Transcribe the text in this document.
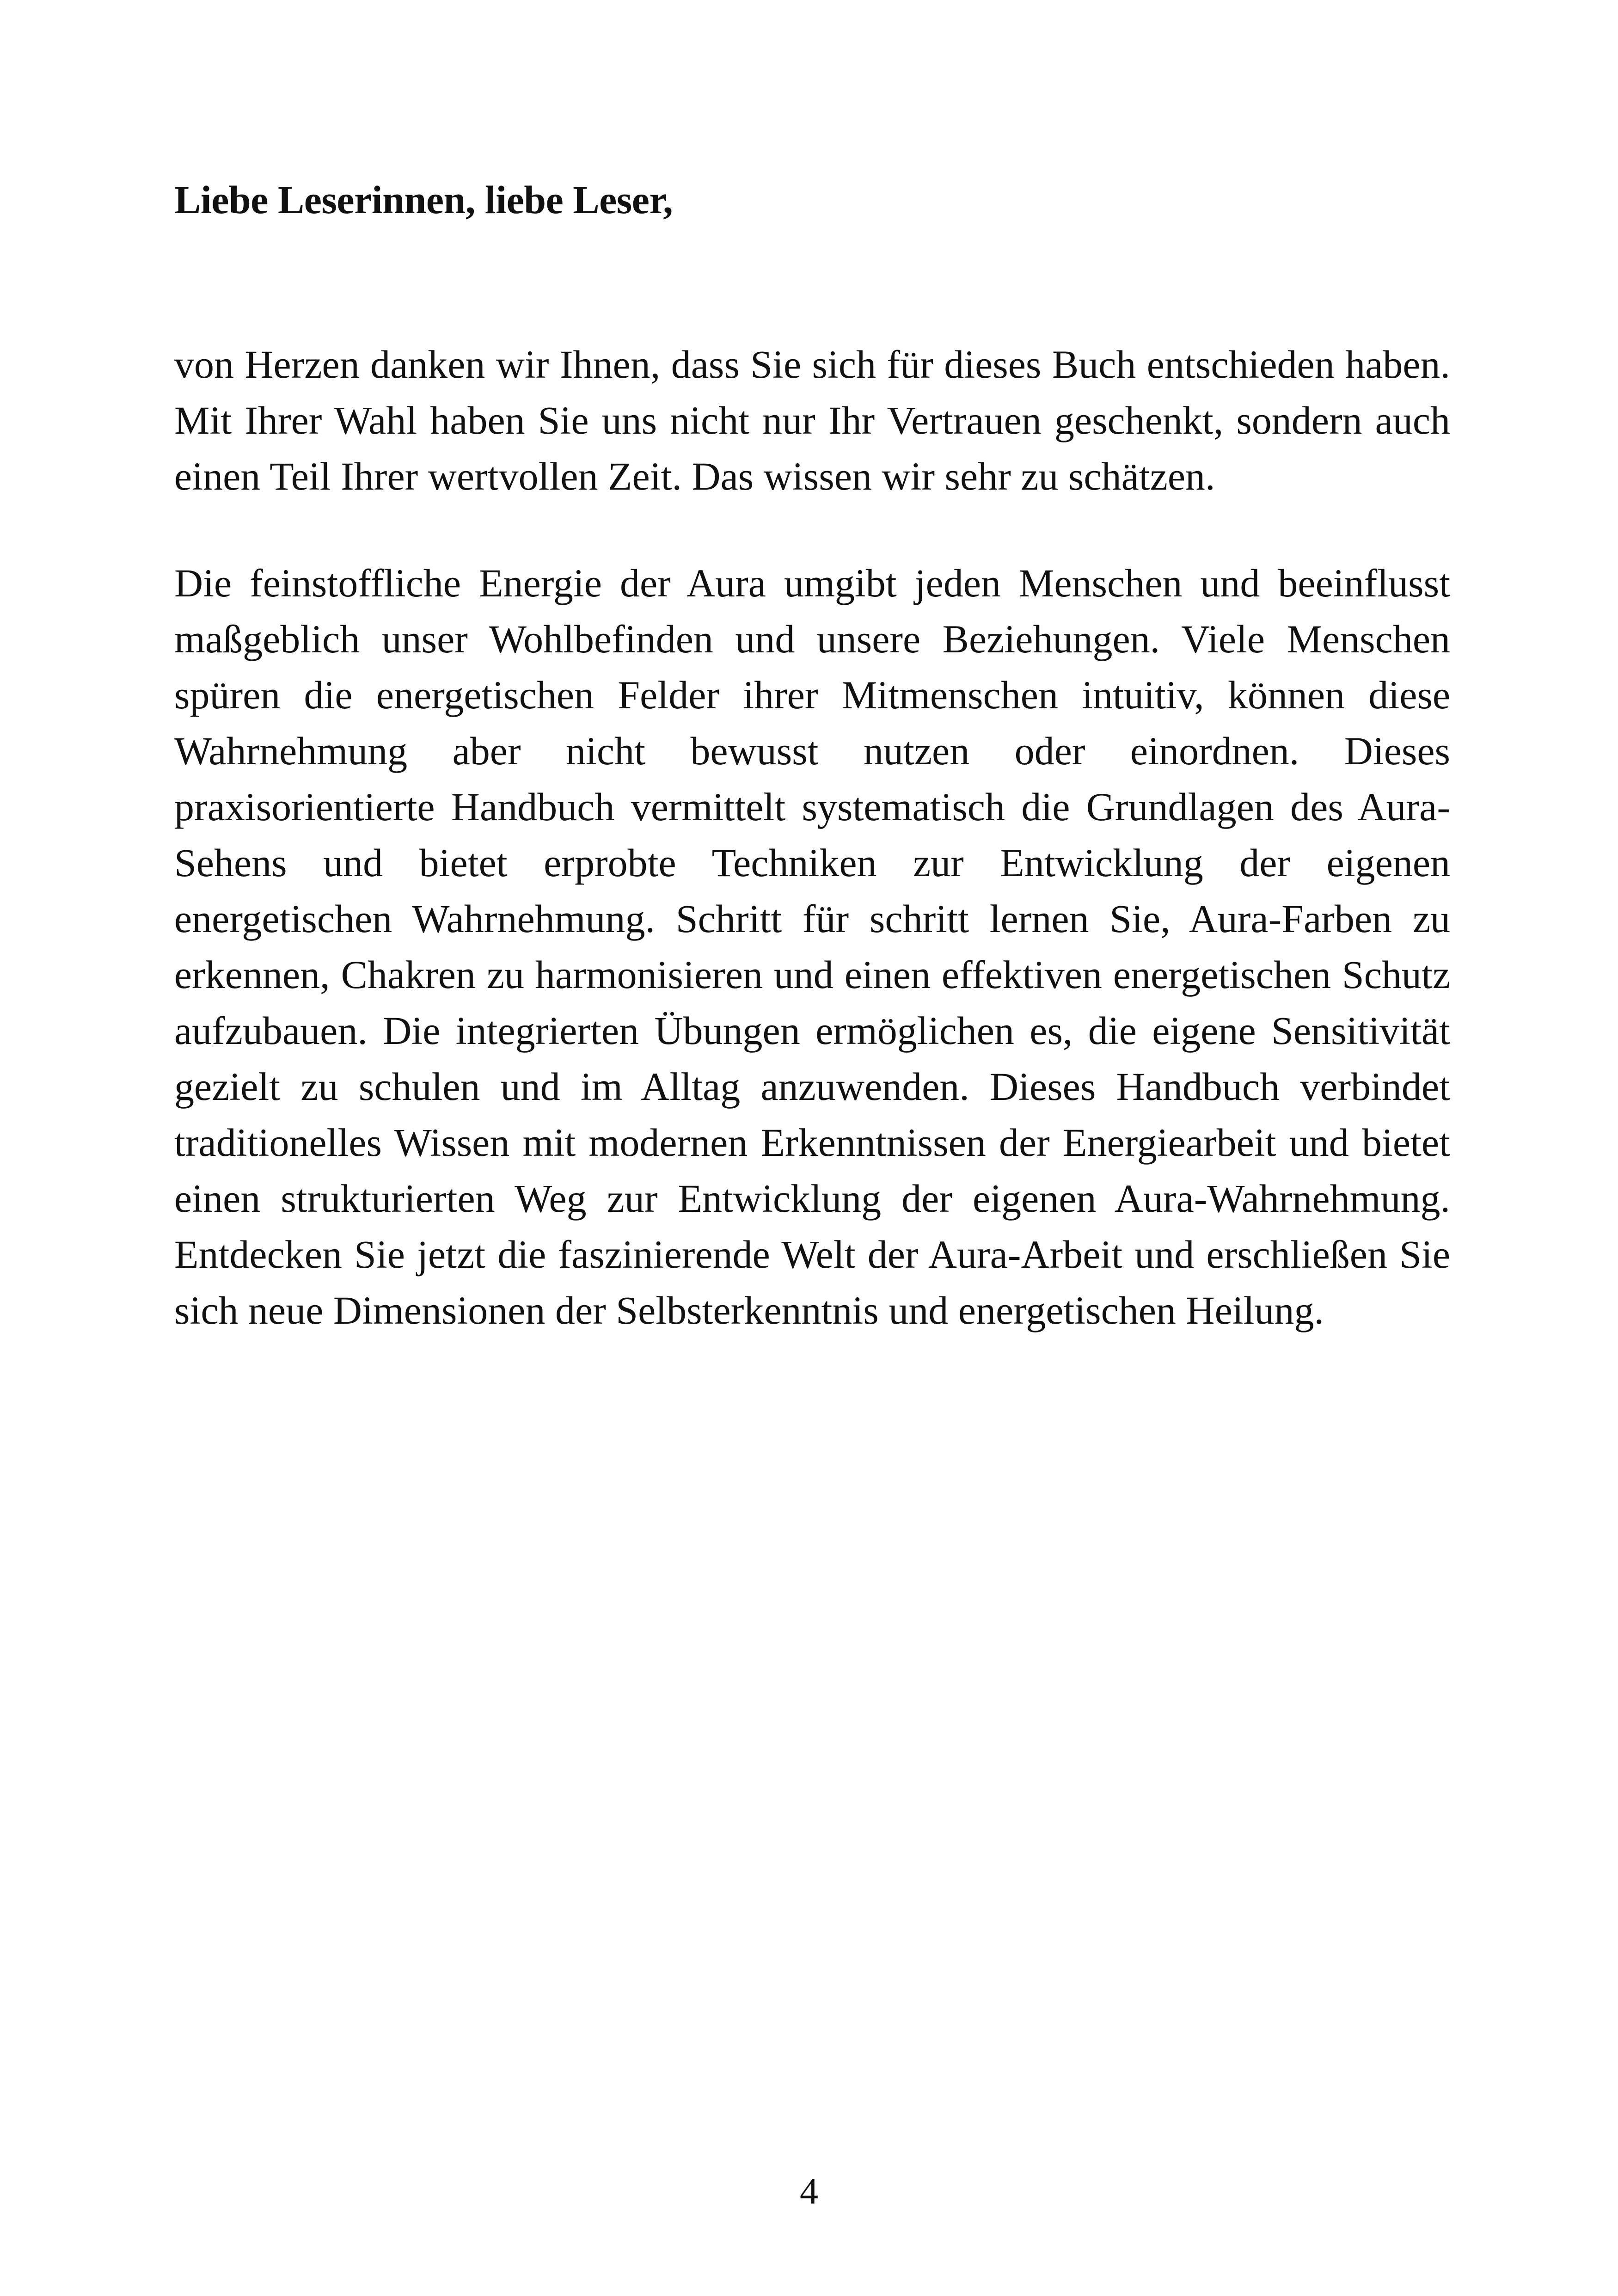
Liebe Leserinnen, liebe Leser,

von Herzen danken wir Ihnen, dass Sie sich für dieses Buch entschieden haben. Mit Ihrer Wahl haben Sie uns nicht nur Ihr Vertrauen geschenkt, sondern auch einen Teil Ihrer wertvollen Zeit. Das wissen wir sehr zu schätzen.

Die feinstoffliche Energie der Aura umgibt jeden Menschen und beeinflusst maßgeblich unser Wohlbefinden und unsere Beziehungen. Viele Menschen spüren die energetischen Felder ihrer Mitmenschen intuitiv, können diese Wahrnehmung aber nicht bewusst nutzen oder einordnen. Dieses praxisorientierte Handbuch vermittelt systematisch die Grundlagen des Aura-Sehens und bietet erprobte Techniken zur Entwicklung der eigenen energetischen Wahrnehmung. Schritt für schritt lernen Sie, Aura-Farben zu erkennen, Chakren zu harmonisieren und einen effektiven energetischen Schutz aufzubauen. Die integrierten Übungen ermöglichen es, die eigene Sensitivität gezielt zu schulen und im Alltag anzuwenden. Dieses Handbuch verbindet traditionelles Wissen mit modernen Erkenntnissen der Energiearbeit und bietet einen strukturierten Weg zur Entwicklung der eigenen Aura-Wahrnehmung. Entdecken Sie jetzt die faszinierende Welt der Aura-Arbeit und erschließen Sie sich neue Dimensionen der Selbsterkenntnis und energetischen Heilung.

4
